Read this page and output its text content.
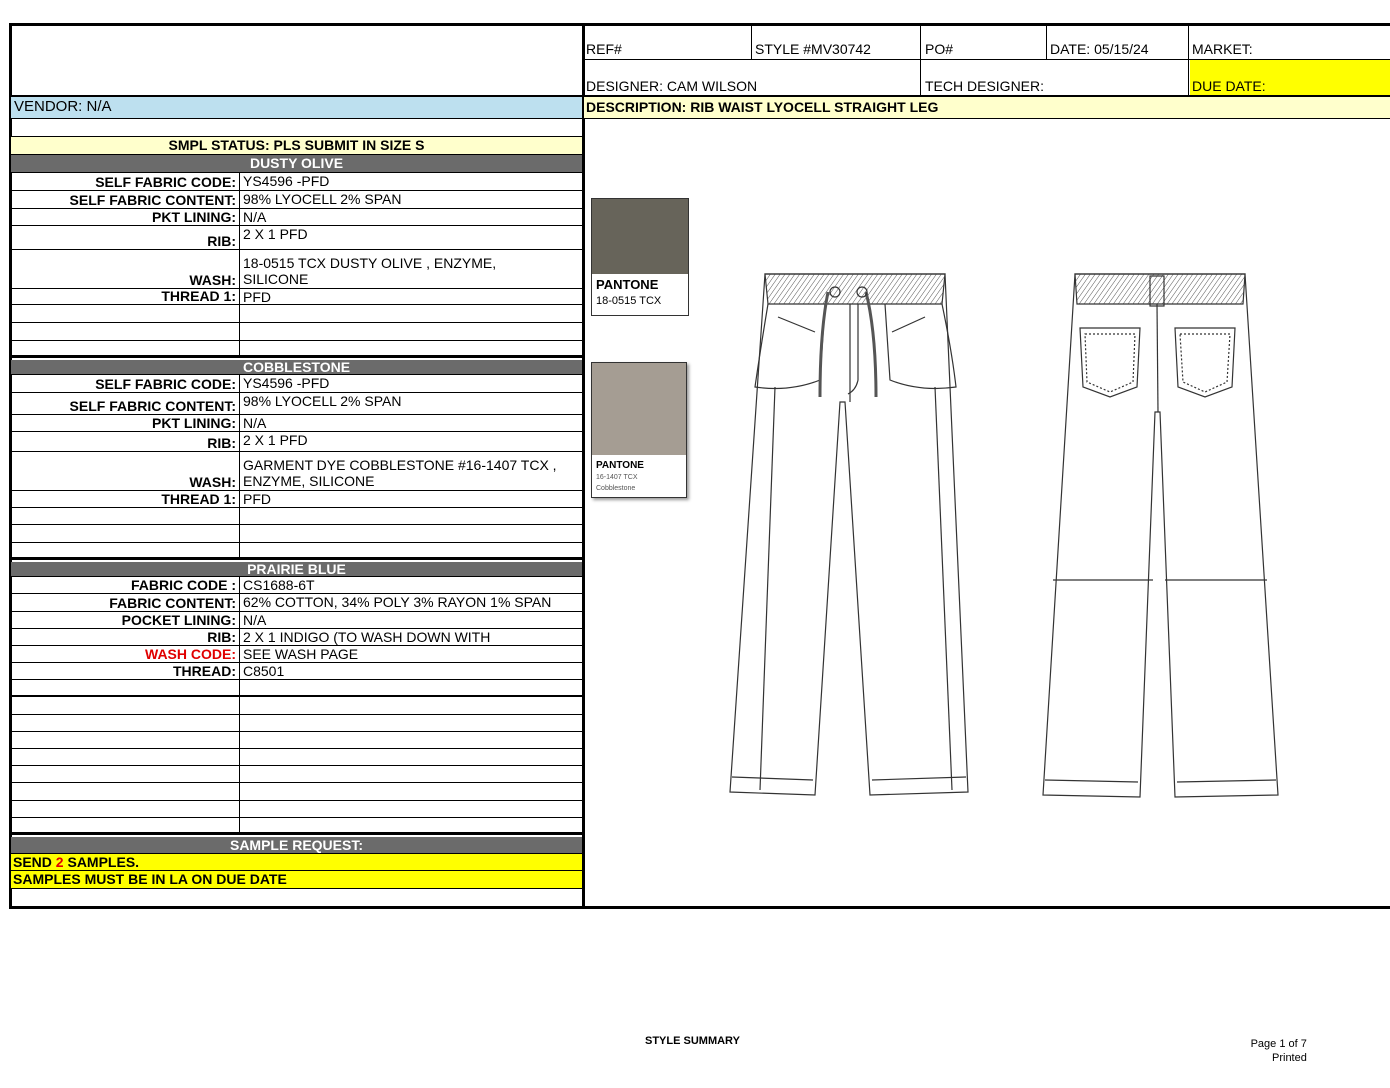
REF#	STYLE #MV30742	PO#	DATE: 05/15/24	MARKET:
DESIGNER: CAM WILSON	TECH DESIGNER:	DUE DATE:
VENDOR: N/A	DESCRIPTION: RIB WAIST LYOCELL STRAIGHT LEG
SMPL STATUS: PLS SUBMIT IN SIZE S
DUSTY OLIVE
SELF FABRIC CODE: YS4596 -PFD
SELF FABRIC CONTENT: 98% LYOCELL 2% SPAN
PKT LINING: N/A
RIB: 2 X 1 PFD
WASH:
18-0515 TCX DUSTY OLIVE , ENZYME,
SILICONE
THREAD 1: PFD
COBBLESTONE
SELF FABRIC CODE: YS4596 -PFD
SELF FABRIC CONTENT: 98% LYOCELL 2% SPAN
PKT LINING: N/A
RIB: 2 X 1 PFD
WASH:
GARMENT DYE COBBLESTONE #16-1407 TCX ,
ENZYME, SILICONE
THREAD 1: PFD
PRAIRIE BLUE
FABRIC CODE : CS1688-6T
FABRIC CONTENT: 62% COTTON, 34% POLY 3% RAYON 1% SPAN
POCKET LINING: N/A
RIB: 2 X 1 INDIGO (TO WASH DOWN WITH
WASH CODE: SEE WASH PAGE
THREAD: C8501
SAMPLE REQUEST:
SEND 2 SAMPLES.
SAMPLES MUST BE IN LA ON DUE DATE
PANTONE
18-0515 TCX
PANTONE
16-1407 TCX
Cobblestone
STYLE SUMMARY	Page 1 of 7
Printed
